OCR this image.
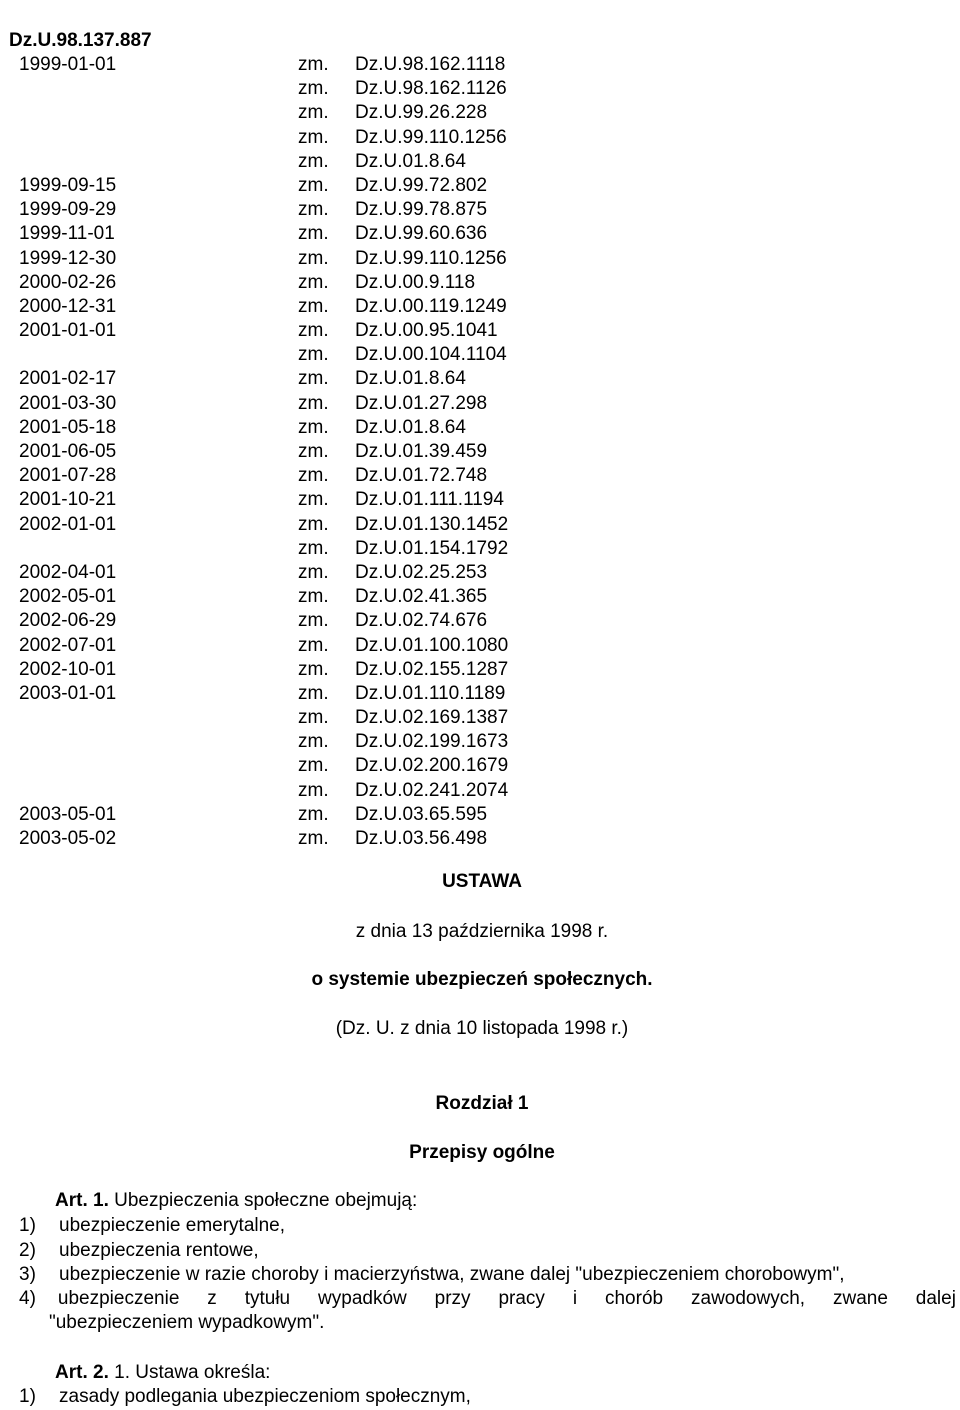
Dz.U.98.137.887
1999-01-01	zm. Dz.U.98.162.1118
zm. Dz.U.98.162.1126
zm. Dz.U.99.26.228
zm. Dz.U.99.110.1256
zm. Dz.U.01.8.64
1999-09-15	zm. Dz.U.99.72.802
1999-09-29	zm. Dz.U.99.78.875
1999-11-01	zm. Dz.U.99.60.636
1999-12-30	zm. Dz.U.99.110.1256
2000-02-26	zm. Dz.U.00.9.118
2000-12-31	zm. Dz.U.00.119.1249
2001-01-01	zm. Dz.U.00.95.1041
zm. Dz.U.00.104.1104
2001-02-17	zm. Dz.U.01.8.64
2001-03-30	zm. Dz.U.01.27.298
2001-05-18	zm. Dz.U.01.8.64
2001-06-05	zm. Dz.U.01.39.459
2001-07-28	zm. Dz.U.01.72.748
2001-10-21	zm. Dz.U.01.111.1194
2002-01-01	zm. Dz.U.01.130.1452
zm. Dz.U.01.154.1792
2002-04-01	zm. Dz.U.02.25.253
2002-05-01	zm. Dz.U.02.41.365
2002-06-29	zm. Dz.U.02.74.676
2002-07-01	zm. Dz.U.01.100.1080
2002-10-01	zm. Dz.U.02.155.1287
2003-01-01	zm. Dz.U.01.110.1189
zm. Dz.U.02.169.1387
zm. Dz.U.02.199.1673
zm. Dz.U.02.200.1679
zm. Dz.U.02.241.2074
2003-05-01	zm. Dz.U.03.65.595
2003-05-02	zm. Dz.U.03.56.498
USTAWA
z dnia 13 października 1998 r.
o systemie ubezpieczeń społecznych.
(Dz. U. z dnia 10 listopada 1998 r.)
Rozdział 1
Przepisy ogólne
Art. 1. Ubezpieczenia społeczne obejmują:
1) ubezpieczenie emerytalne,
2) ubezpieczenia rentowe,
3) ubezpieczenie w razie choroby i macierzyństwa, zwane dalej "ubezpieczeniem chorobowym",
4) ubezpieczenie z tytułu wypadków przy pracy i chorób zawodowych, zwane dalej
"ubezpieczeniem wypadkowym".
Art. 2. 1. Ustawa określa:
1) zasady podlegania ubezpieczeniom społecznym,
